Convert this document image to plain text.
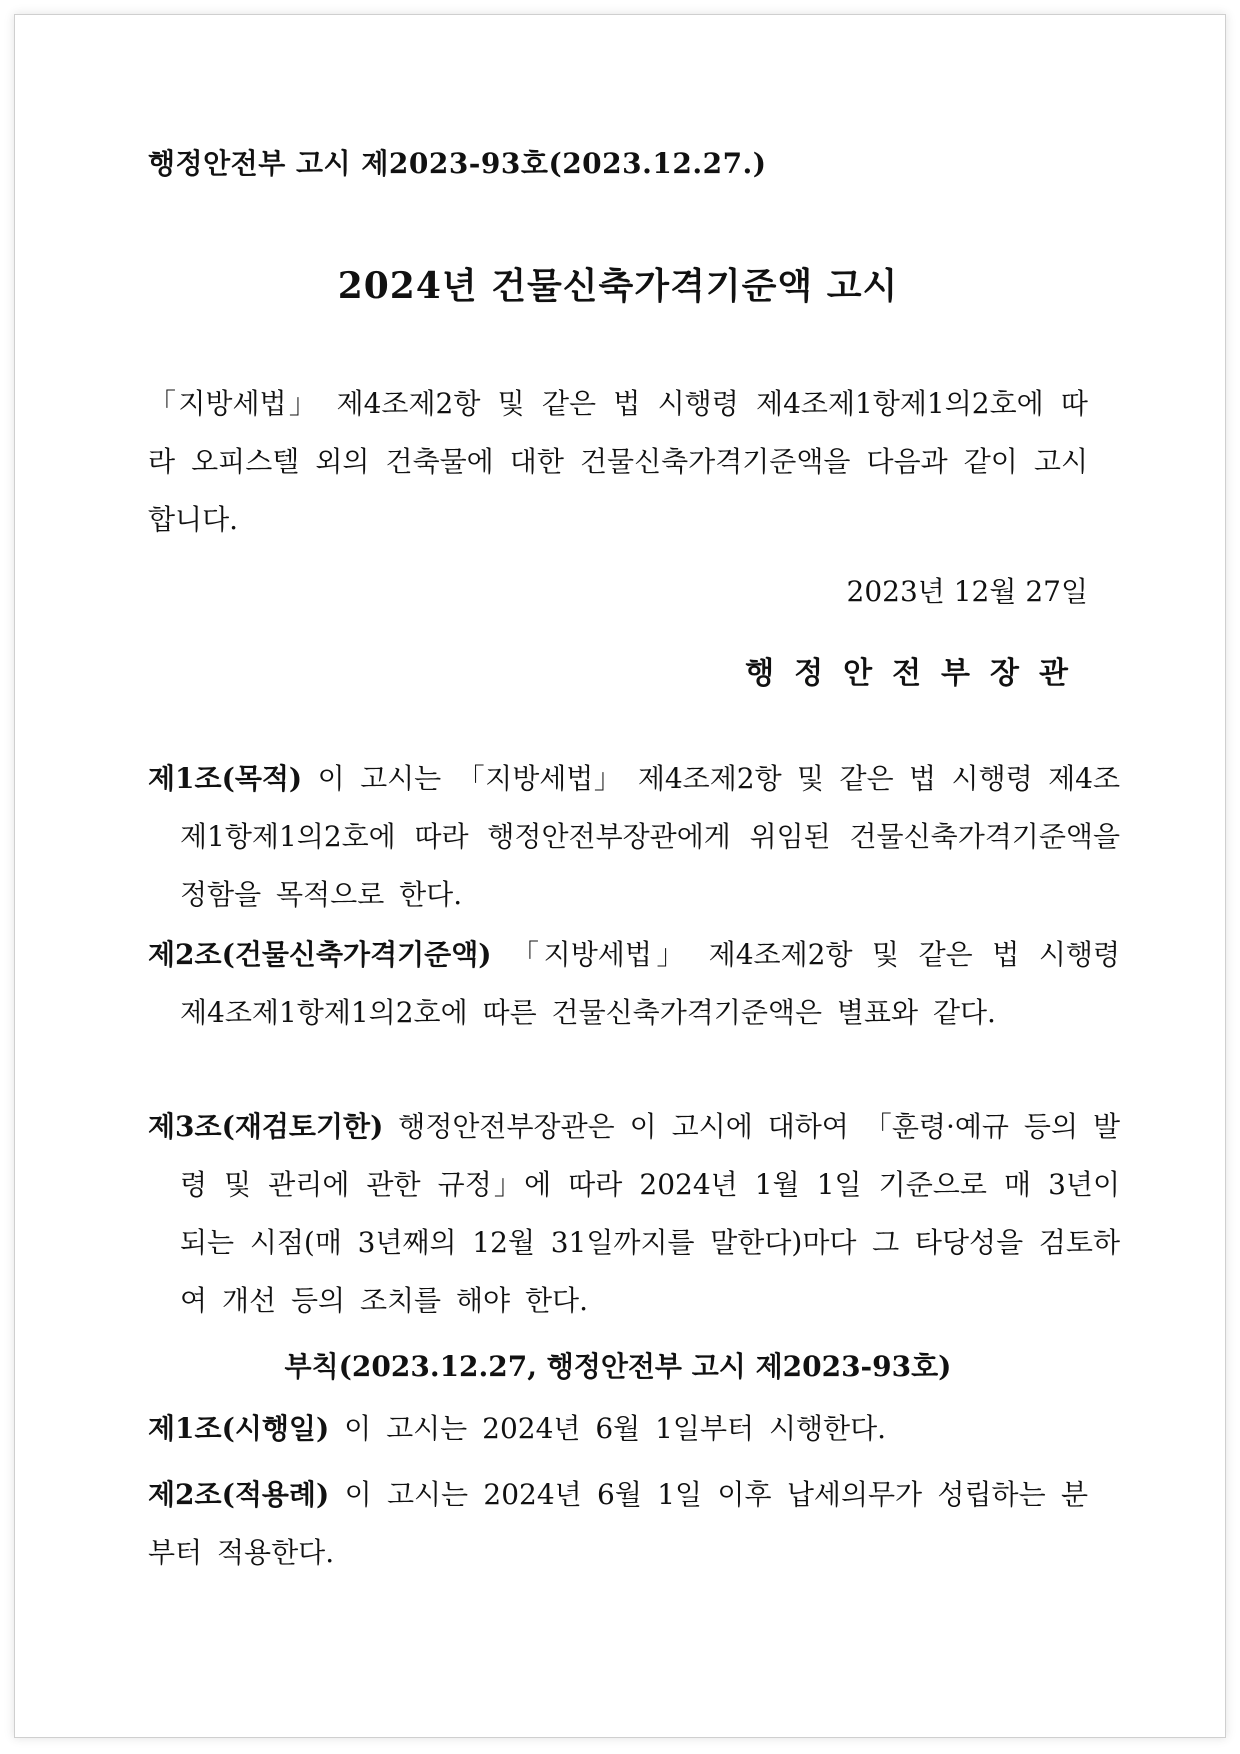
행정안전부 고시 제2023-93호(2023.12.27.)
2024년 건물신축가격기준액 고시
「지방세법」 제4조제2항 및 같은 법 시행령 제4조제1항제1의2호에 따라 오피스텔 외의 건축물에 대한 건물신축가격기준액을 다음과 같이 고시합니다.
2023년 12월 27일
행정안전부장관
제1조(목적) 이 고시는 「지방세법」 제4조제2항 및 같은 법 시행령 제4조제1항제1의2호에 따라 행정안전부장관에게 위임된 건물신축가격기준액을 정함을 목적으로 한다.
제2조(건물신축가격기준액) 「지방세법」 제4조제2항 및 같은 법 시행령 제4조제1항제1의2호에 따른 건물신축가격기준액은 별표와 같다.
제3조(재검토기한) 행정안전부장관은 이 고시에 대하여 「훈령·예규 등의 발령 및 관리에 관한 규정」에 따라 2024년 1월 1일 기준으로 매 3년이 되는 시점(매 3년째의 12월 31일까지를 말한다)마다 그 타당성을 검토하여 개선 등의 조치를 해야 한다.
부칙(2023.12.27, 행정안전부 고시 제2023-93호)
제1조(시행일) 이 고시는 2024년 6월 1일부터 시행한다.
제2조(적용례) 이 고시는 2024년 6월 1일 이후 납세의무가 성립하는 분부터 적용한다.
